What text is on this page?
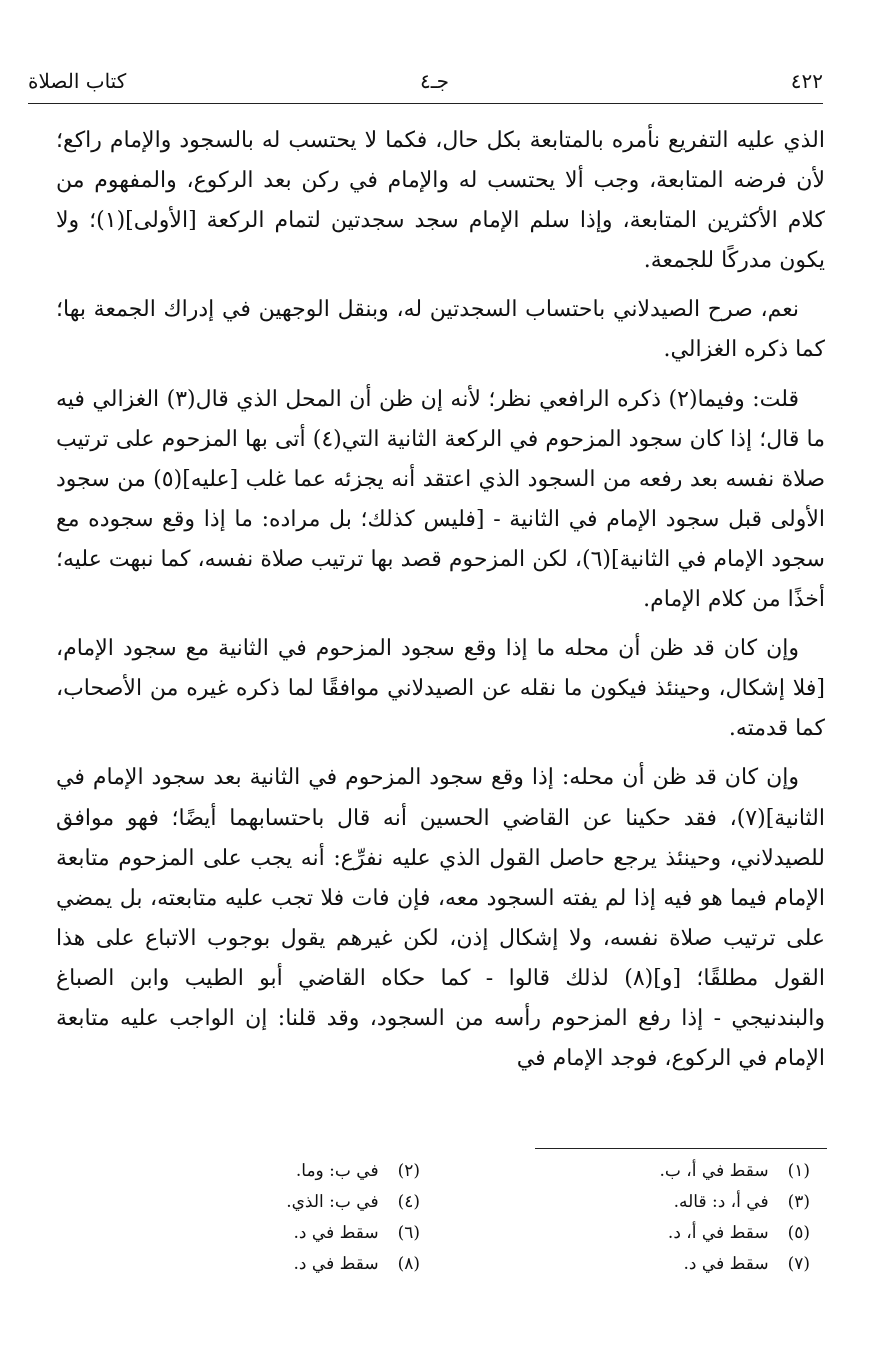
٤٢٢
جـ٤
كتاب الصلاة

الذي عليه التفريع نأمره بالمتابعة بكل حال، فكما لا يحتسب له بالسجود والإمام راكع؛ لأن فرضه المتابعة، وجب ألا يحتسب له والإمام في ركن بعد الركوع، والمفهوم من كلام الأكثرين المتابعة، وإذا سلم الإمام سجد سجدتين لتمام الركعة [الأولى](١)؛ ولا يكون مدركًا للجمعة.

نعم، صرح الصيدلاني باحتساب السجدتين له، وبنقل الوجهين في إدراك الجمعة بها؛ كما ذكره الغزالي.

قلت: وفيما(٢) ذكره الرافعي نظر؛ لأنه إن ظن أن المحل الذي قال(٣) الغزالي فيه ما قال؛ إذا كان سجود المزحوم في الركعة الثانية التي(٤) أتى بها المزحوم على ترتيب صلاة نفسه بعد رفعه من السجود الذي اعتقد أنه يجزئه عما غلب [عليه](٥) من سجود الأولى قبل سجود الإمام في الثانية - [فليس كذلك؛ بل مراده: ما إذا وقع سجوده مع سجود الإمام في الثانية](٦)، لكن المزحوم قصد بها ترتيب صلاة نفسه، كما نبهت عليه؛ أخذًا من كلام الإمام.

وإن كان قد ظن أن محله ما إذا وقع سجود المزحوم في الثانية مع سجود الإمام، [فلا إشكال، وحينئذ فيكون ما نقله عن الصيدلاني موافقًا لما ذكره غيره من الأصحاب، كما قدمته.

وإن كان قد ظن أن محله: إذا وقع سجود المزحوم في الثانية بعد سجود الإمام في الثانية](٧)، فقد حكينا عن القاضي الحسين أنه قال باحتسابهما أيضًا؛ فهو موافق للصيدلاني، وحينئذ يرجع حاصل القول الذي عليه نفرِّع: أنه يجب على المزحوم متابعة الإمام فيما هو فيه إذا لم يفته السجود معه، فإن فات فلا تجب عليه متابعته، بل يمضي على ترتيب صلاة نفسه، ولا إشكال إذن، لكن غيرهم يقول بوجوب الاتباع على هذا القول مطلقًا؛ [و](٨) لذلك قالوا - كما حكاه القاضي أبو الطيب وابن الصباغ والبندنيجي - إذا رفع المزحوم رأسه من السجود، وقد قلنا: إن الواجب عليه متابعة الإمام في الركوع، فوجد الإمام في

(١) سقط في أ، ب.
(٢) في ب: وما.
(٣) في أ، د: قاله.
(٤) في ب: الذي.
(٥) سقط في أ، د.
(٦) سقط في د.
(٧) سقط في د.
(٨) سقط في د.
